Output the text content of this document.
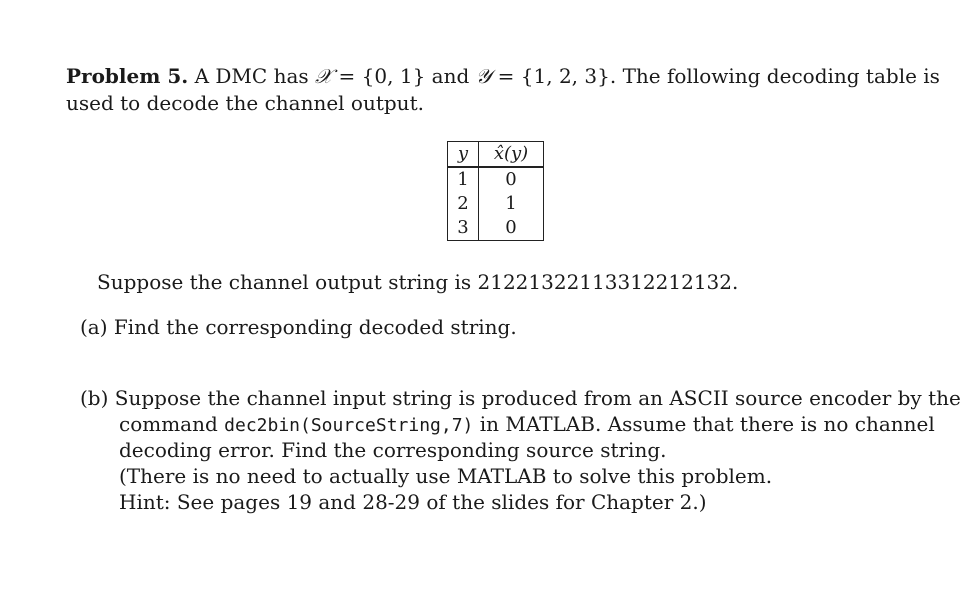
Problem 5. A DMC has 𝒳 = {0, 1} and 𝒴 = {1, 2, 3}. The following decoding table is
used to decode the channel output.
y	x̂(y)
1	0
2	1
3	0
Suppose the channel output string is 21221322113312212132.
(a) Find the corresponding decoded string.
(b) Suppose the channel input string is produced from an ASCII source encoder by the
command dec2bin(SourceString,7) in MATLAB. Assume that there is no channel
decoding error. Find the corresponding source string.
(There is no need to actually use MATLAB to solve this problem.
Hint: See pages 19 and 28-29 of the slides for Chapter 2.)
